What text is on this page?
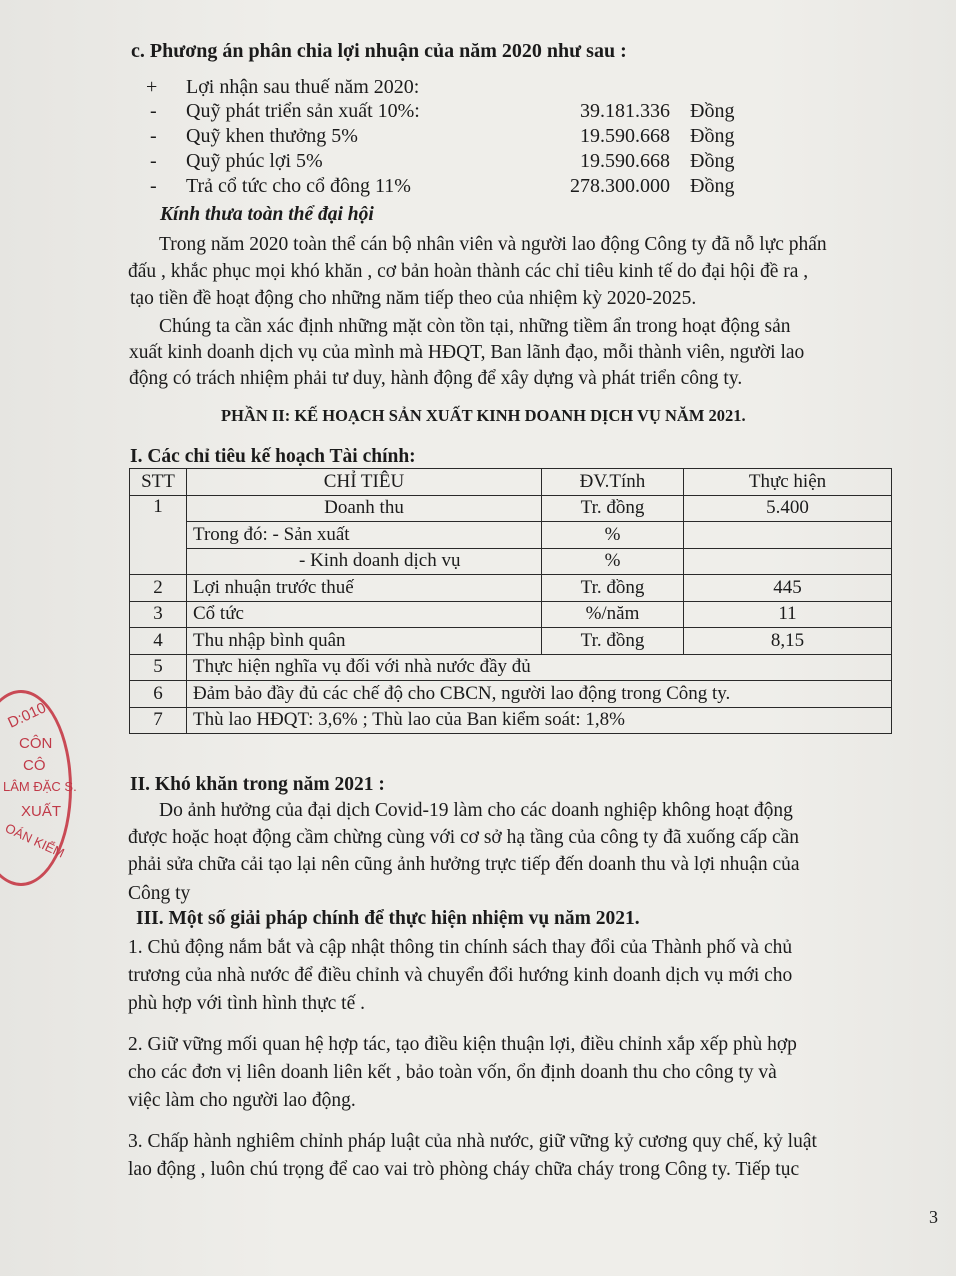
c. Phương án phân chia lợi nhuận của năm 2020 như sau :
+ Lợi nhận sau thuế năm 2020:
- Quỹ phát triển sản xuất 10%:	39.181.336 Đồng
- Quỹ khen thưởng 5%	19.590.668 Đồng
- Quỹ phúc lợi 5%	19.590.668 Đồng
- Trả cổ tức cho cổ đông 11%	278.300.000 Đồng
Kính thưa toàn thể đại hội
Trong năm 2020 toàn thể cán bộ nhân viên và người lao động Công ty đã nỗ lực phấn
đấu , khắc phục mọi khó khăn , cơ bản hoàn thành các chỉ tiêu kinh tế do đại hội đề ra ,
tạo tiền đề hoạt động cho những năm tiếp theo của nhiệm kỳ 2020-2025.
Chúng ta cần xác định những mặt còn tồn tại, những tiềm ẩn trong hoạt động sản
xuất kinh doanh dịch vụ của mình mà HĐQT, Ban lãnh đạo, mỗi thành viên, người lao
động có trách nhiệm phải tư duy, hành động để xây dựng và phát triển công ty.
PHẦN II: KẾ HOẠCH SẢN XUẤT KINH DOANH DỊCH VỤ NĂM 2021.
I. Các chỉ tiêu kế hoạch Tài chính:
STT	CHỈ TIÊU	ĐV.Tính	Thực hiện
1	Doanh thu	Tr. đồng	5.400
	Trong đó: - Sản xuất	%	
	- Kinh doanh dịch vụ	%	
2	Lợi nhuận trước thuế	Tr. đồng	445
3	Cổ tức	%/năm	11
4	Thu nhập bình quân	Tr. đồng	8,15
5	Thực hiện nghĩa vụ đối với nhà nước đầy đủ		
6	Đảm bảo đầy đủ các chế độ cho CBCN, người lao động trong Công ty.		
7	Thù lao HĐQT: 3,6% ; Thù lao của Ban kiểm soát: 1,8%		
II. Khó khăn trong năm 2021 :
Do ảnh hưởng của đại dịch Covid-19 làm cho các doanh nghiệp không hoạt động
được hoặc hoạt động cầm chừng cùng với cơ sở hạ tầng của công ty đã xuống cấp cần
phải sửa chữa cải tạo lại nên cũng ảnh hưởng trực tiếp đến doanh thu và lợi nhuận của
Công ty
III. Một số giải pháp chính để thực hiện nhiệm vụ năm 2021.
1. Chủ động nắm bắt và cập nhật thông tin chính sách thay đổi của Thành phố và chủ
trương của nhà nước để điều chỉnh và chuyển đổi hướng kinh doanh dịch vụ mới cho
phù hợp với tình hình thực tế .
2. Giữ vững mối quan hệ hợp tác, tạo điều kiện thuận lợi, điều chỉnh xắp xếp phù hợp
cho các đơn vị liên doanh liên kết , bảo toàn vốn, ổn định doanh thu cho công ty và
việc làm cho người lao động.
3. Chấp hành nghiêm chỉnh pháp luật của nhà nước, giữ vững kỷ cương quy chế, kỷ luật
lao động , luôn chú trọng để cao vai trò phòng cháy chữa cháy trong Công ty. Tiếp tục
D:010
CÔN
CÔ
LÂM ĐẶC S.
XUẤT
OÁN KIỂM
3
